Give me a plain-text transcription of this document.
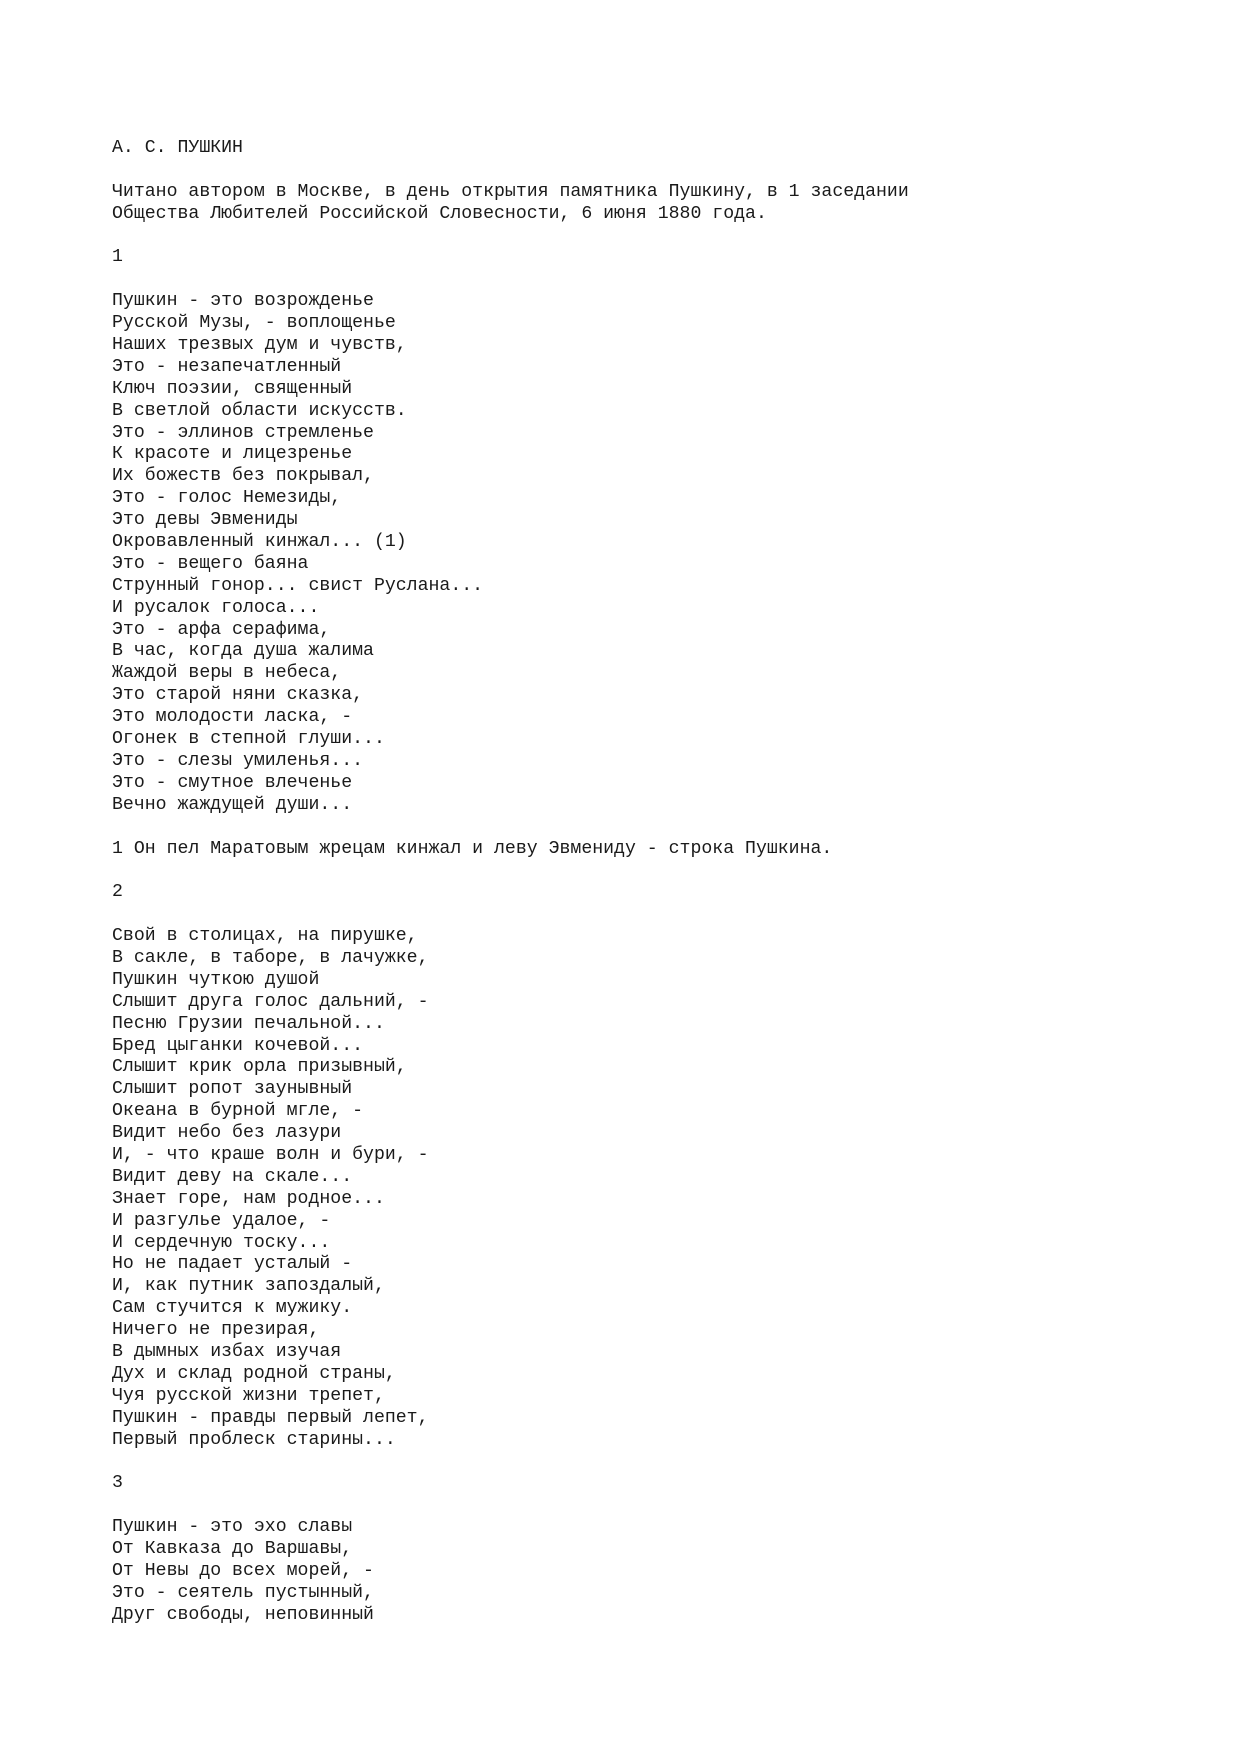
А. С. ПУШКИН
Читано автором в Москве, в день открытия памятника Пушкину, в 1 заседании
Общества Любителей Российской Словесности, 6 июня 1880 года.
1
Пушкин - это возрожденье
Русской Музы, - воплощенье
Наших трезвых дум и чувств,
Это - незапечатленный
Ключ поэзии, священный
В светлой области искусств.
Это - эллинов стремленье
К красоте и лицезренье
Их божеств без покрывал,
Это - голос Немезиды,
Это девы Эвмениды
Окровавленный кинжал... (1)
Это - вещего баяна
Струнный гонор... свист Руслана...
И русалок голоса...
Это - арфа серафима,
В час, когда душа жалима
Жаждой веры в небеса,
Это старой няни сказка,
Это молодости ласка, -
Огонек в степной глуши...
Это - слезы умиленья...
Это - смутное влеченье
Вечно жаждущей души...
1 Он пел Маратовым жрецам кинжал и леву Эвмениду - строка Пушкина.
2
Свой в столицах, на пирушке,
В сакле, в таборе, в лачужке,
Пушкин чуткою душой
Слышит друга голос дальний, -
Песню Грузии печальной...
Бред цыганки кочевой...
Слышит крик орла призывный,
Слышит ропот заунывный
Океана в бурной мгле, -
Видит небо без лазури
И, - что краше волн и бури, -
Видит деву на скале...
Знает горе, нам родное...
И разгулье удалое, -
И сердечную тоску...
Но не падает усталый -
И, как путник запоздалый,
Сам стучится к мужику.
Ничего не презирая,
В дымных избах изучая
Дух и склад родной страны,
Чуя русской жизни трепет,
Пушкин - правды первый лепет,
Первый проблеск старины...
3
Пушкин - это эхо славы
От Кавказа до Варшавы,
От Невы до всех морей, -
Это - сеятель пустынный,
Друг свободы, неповинный
